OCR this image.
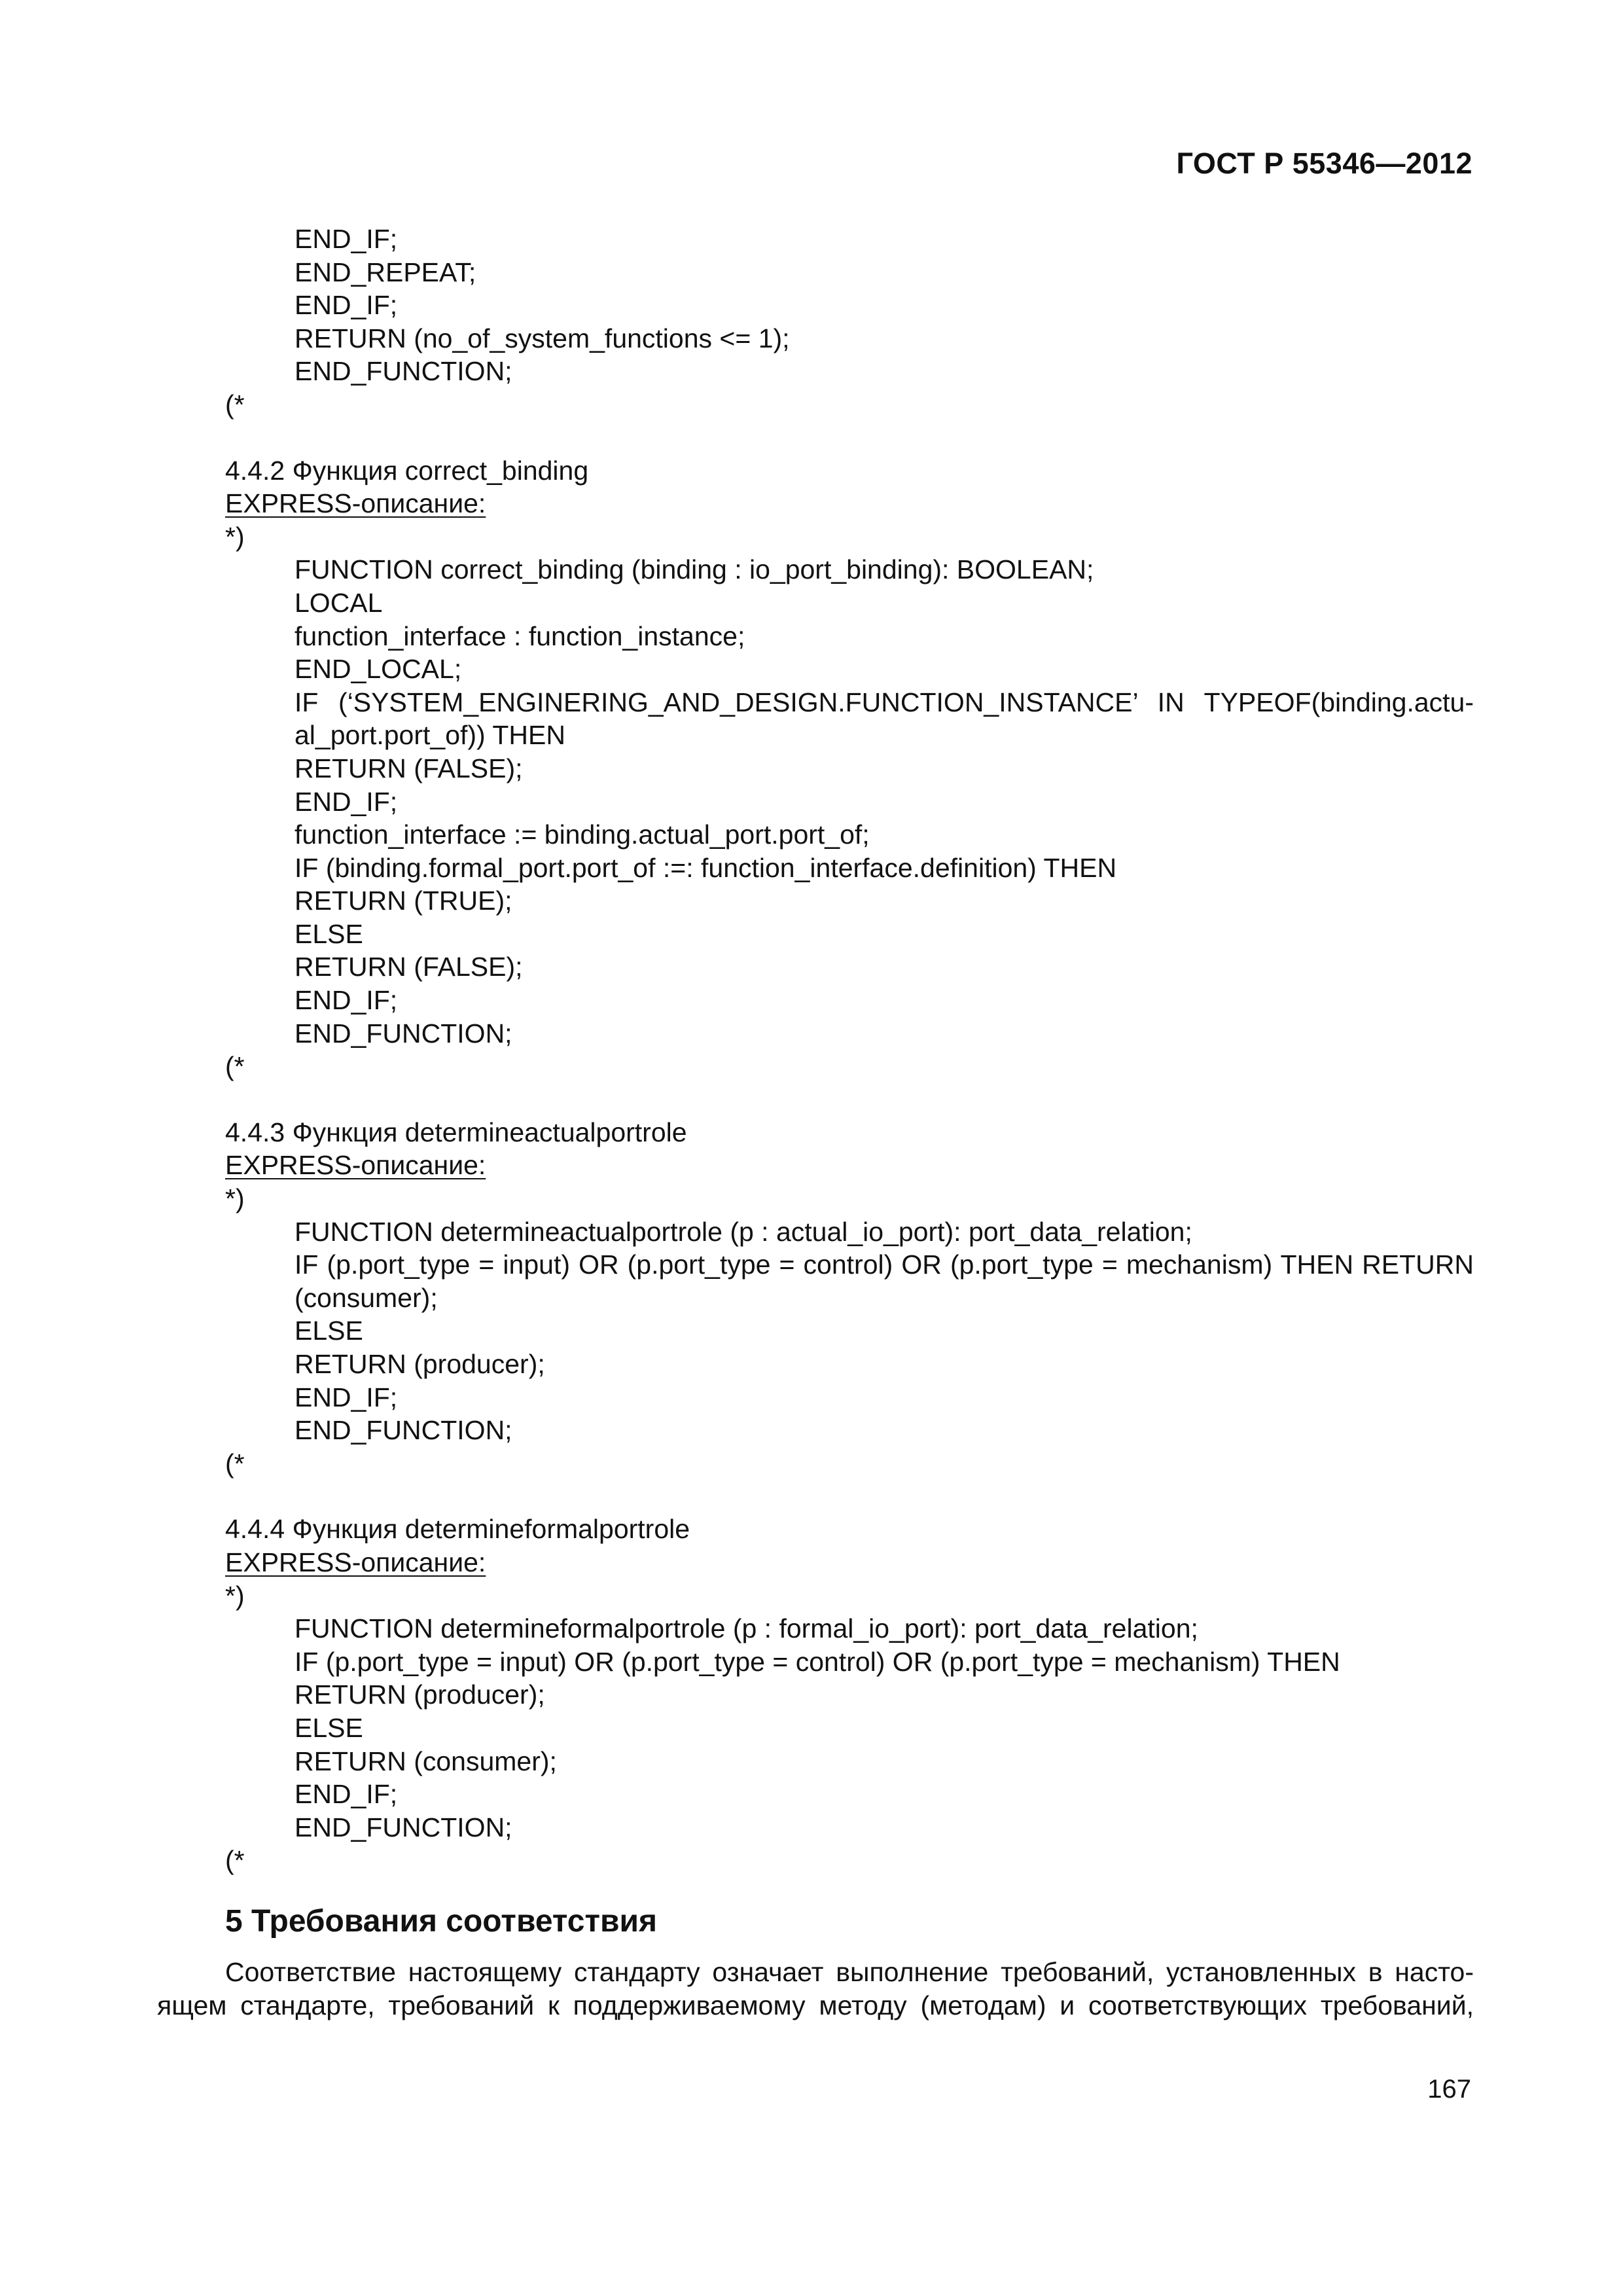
ГОСТ Р 55346—2012
END_IF;
END_REPEAT;
END_IF;
RETURN (no_of_system_functions <= 1);
END_FUNCTION;
(*
4.4.2 Функция correct_binding
EXPRESS-описание:
*)
FUNCTION correct_binding (binding : io_port_binding): BOOLEAN;
LOCAL
function_interface : function_instance;
END_LOCAL;
IF (‘SYSTEM_ENGINERING_AND_DESIGN.FUNCTION_INSTANCE’ IN TYPEOF(binding.actu-
al_port.port_of)) THEN
RETURN (FALSE);
END_IF;
function_interface := binding.actual_port.port_of;
IF (binding.formal_port.port_of :=: function_interface.definition) THEN
RETURN (TRUE);
ELSE
RETURN (FALSE);
END_IF;
END_FUNCTION;
(*
4.4.3 Функция determineactualportrole
EXPRESS-описание:
*)
FUNCTION determineactualportrole (p : actual_io_port): port_data_relation;
IF (p.port_type = input) OR (p.port_type = control) OR (p.port_type = mechanism) THEN RETURN
(consumer);
ELSE
RETURN (producer);
END_IF;
END_FUNCTION;
(*
4.4.4 Функция determineformalportrole
EXPRESS-описание:
*)
FUNCTION determineformalportrole (p : formal_io_port): port_data_relation;
IF (p.port_type = input) OR (p.port_type = control) OR (p.port_type = mechanism) THEN
RETURN (producer);
ELSE
RETURN (consumer);
END_IF;
END_FUNCTION;
(*
5 Требования соответствия
Соответствие настоящему стандарту означает выполнение требований, установленных в насто-
ящем стандарте, требований к поддерживаемому методу (методам) и соответствующих требований,
167
